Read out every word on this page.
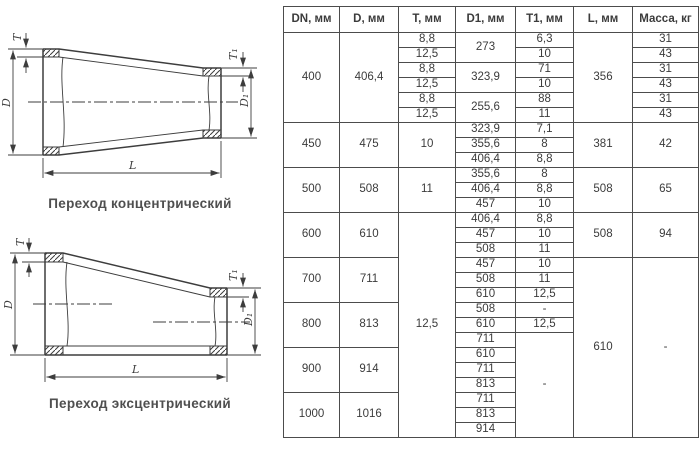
T
D
T₁
D₁
L
Переход концентрический
T
D
T₁
D₁
L
Переход эксцентрический
DN, мм	D, мм	T, мм	D1, мм	T1, мм	L, мм	Масса, кг
400	406,4	8,8	273	6,3	356	31
		12,5		10		43
		8,8	323,9	71		31
		12,5		10		43
		8,8	255,6	88		31
		12,5		11		43
450	475	10	323,9	7,1	381	42
			355,6	8		
			406,4	8,8		
500	508	11	355,6	8	508	65
			406,4	8,8		
			457	10		
600	610	12,5	406,4	8,8	508	94
			457	10		
			508	11		
700	711		457	10	610	-
			508	11		
			610	12,5		
800	813		508	-		
			610	12,5		
			711	-		
900	914		610			
			711			
			813			
1000	1016		711			
			813			
			914			
